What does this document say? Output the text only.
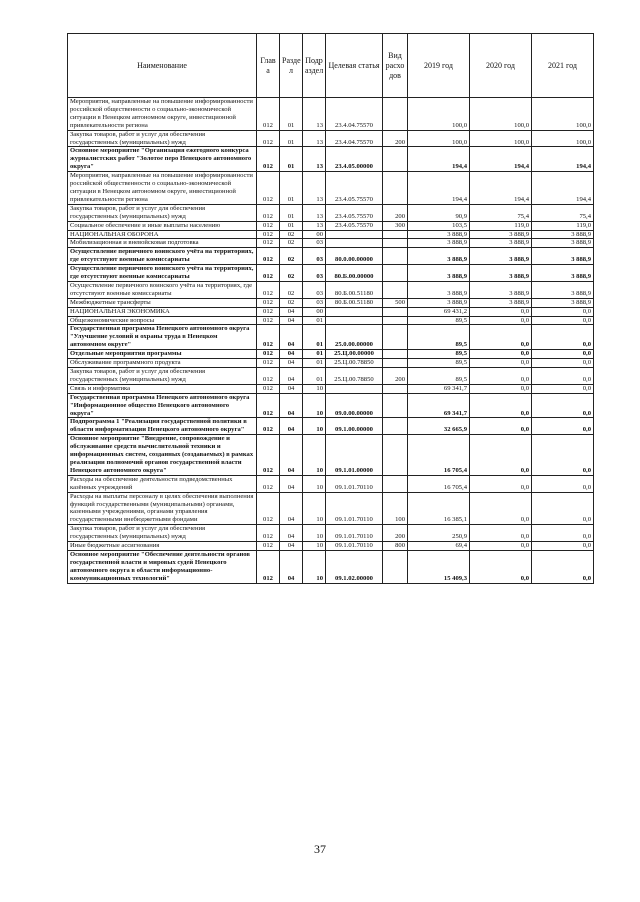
Наименование	Глав а	Разде л	Подр аздел	Целевая статья	Вид расхо дов	2019 год	2020 год	2021 год
Мероприятия, направленные на повышение информированности российской общественности о социально-экономической ситуации в Ненецком автономном округе, инвестиционной привлекательности региона	012	01	13	23.4.04.75570		100,0	100,0	100,0
Закупка товаров, работ и услуг для обеспечения государственных (муниципальных) нужд	012	01	13	23.4.04.75570	200	100,0	100,0	100,0
Основное мероприятие "Организация ежегодного конкурса журналистских работ "Золотое перо Ненецкого автономного округа"	012	01	13	23.4.05.00000		194,4	194,4	194,4
Мероприятия, направленные на повышение информированности российской общественности о социально-экономической ситуации в Ненецком автономном округе, инвестиционной привлекательности региона	012	01	13	23.4.05.75570		194,4	194,4	194,4
Закупка товаров, работ и услуг для обеспечения государственных (муниципальных) нужд	012	01	13	23.4.05.75570	200	90,9	75,4	75,4
Социальное обеспечение и иные выплаты населению	012	01	13	23.4.05.75570	300	103,5	119,0	119,0
НАЦИОНАЛЬНАЯ ОБОРОНА	012	02	00			3 888,9	3 888,9	3 888,9
Мобилизационная и вневойсковая подготовка	012	02	03			3 888,9	3 888,9	3 888,9
Осуществление первичного воинского учёта на территориях, где отсутствуют военные комиссариаты	012	02	03	80.0.00.00000		3 888,9	3 888,9	3 888,9
Осуществление первичного воинского учёта на территориях, где отсутствуют военные комиссариаты	012	02	03	80.Б.00.00000		3 888,9	3 888,9	3 888,9
Осуществление первичного воинского учёта на территориях, где отсутствуют военные комиссариаты	012	02	03	80.Б.00.51180		3 888,9	3 888,9	3 888,9
Межбюджетные трансферты	012	02	03	80.Б.00.51180	500	3 888,9	3 888,9	3 888,9
НАЦИОНАЛЬНАЯ ЭКОНОМИКА	012	04	00			69 431,2	0,0	0,0
Общеэкономические вопросы	012	04	01			89,5	0,0	0,0
Государственная программа Ненецкого автономного округа "Улучшение условий и охраны труда в Ненецком автономном округе"	012	04	01	25.0.00.00000		89,5	0,0	0,0
Отдельные мероприятия программы	012	04	01	25.Ц.00.00000		89,5	0,0	0,0
Обслуживание программного продукта	012	04	01	25.Ц.00.78850		89,5	0,0	0,0
Закупка товаров, работ и услуг для обеспечения государственных (муниципальных) нужд	012	04	01	25.Ц.00.78850	200	89,5	0,0	0,0
Связь и информатика	012	04	10			69 341,7	0,0	0,0
Государственная программа Ненецкого автономного округа "Информационное общество Ненецкого автономного округа"	012	04	10	09.0.00.00000		69 341,7	0,0	0,0
Подпрограмма 1 "Реализация государственной политики в области информатизации Ненецкого автономного округа"	012	04	10	09.1.00.00000		32 665,9	0,0	0,0
Основное мероприятие "Внедрение, сопровождение и обслуживание средств вычислительной техники и информационных систем, созданных (создаваемых) в рамках реализации полномочий органов государственной власти Ненецкого автономного округа"	012	04	10	09.1.01.00000		16 705,4	0,0	0,0
Расходы на обеспечение деятельности подведомственных казённых учреждений	012	04	10	09.1.01.70110		16 705,4	0,0	0,0
Расходы на выплаты персоналу в целях обеспечения выполнения функций государственными (муниципальными) органами, казенными учреждениями, органами управления государственными внебюджетными фондами	012	04	10	09.1.01.70110	100	16 385,1	0,0	0,0
Закупка товаров, работ и услуг для обеспечения государственных (муниципальных) нужд	012	04	10	09.1.01.70110	200	250,9	0,0	0,0
Иные бюджетные ассигнования	012	04	10	09.1.01.70110	800	69,4	0,0	0,0
Основное мероприятие "Обеспечение деятельности органов государственной власти и мировых судей Ненецкого автономного округа в области информационно-коммуникационных технологий"	012	04	10	09.1.02.00000		15 409,3	0,0	0,0
37
